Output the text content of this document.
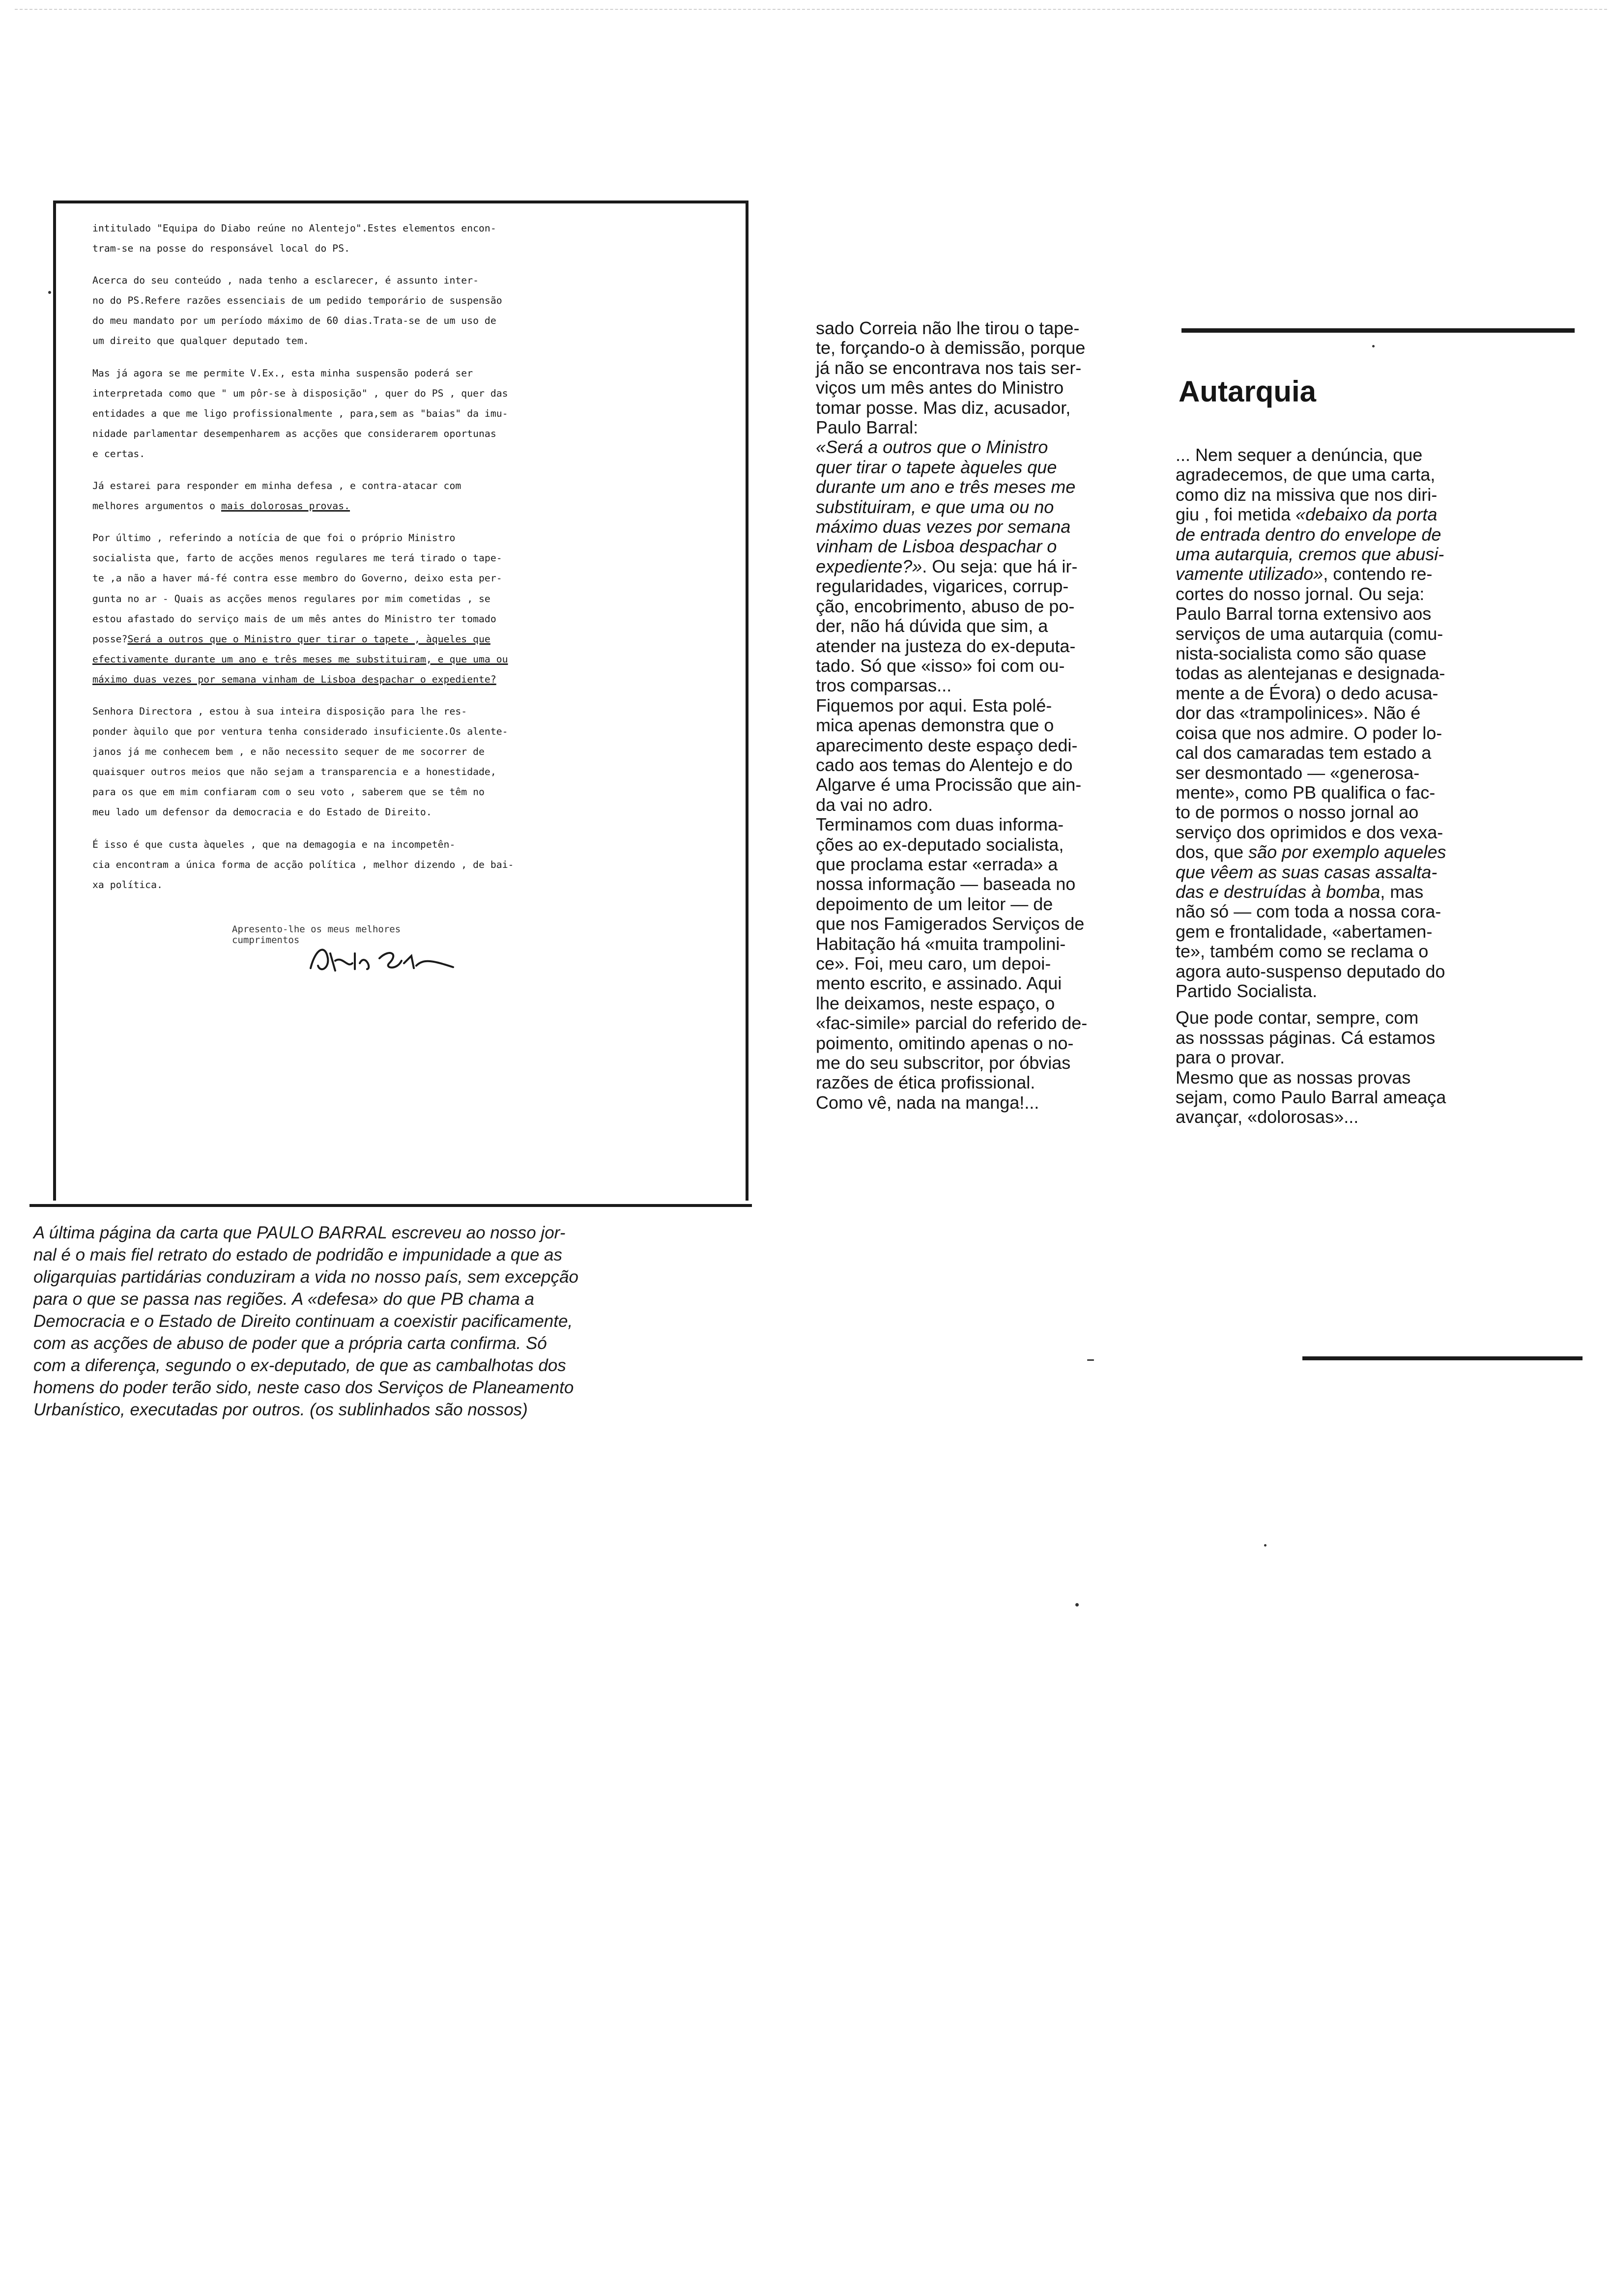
intitulado "Equipa do Diabo reúne no Alentejo".Estes elementos encon-

tram-se na posse do responsável local do PS.

Acerca do seu conteúdo , nada tenho a esclarecer, é assunto inter-

no do PS.Refere razões essenciais de um pedido temporário de suspensão

do meu mandato por um período máximo de 60 dias.Trata-se de um uso de

um direito que qualquer deputado tem.

Mas já agora se me permite V.Ex., esta minha suspensão poderá ser

interpretada como que " um pôr-se à disposição" , quer do PS , quer das

entidades a que me ligo profissionalmente , para,sem as "baias" da imu-

nidade parlamentar desempenharem as acções que considerarem oportunas

e certas.

Já estarei para responder em minha defesa , e contra-atacar com

melhores argumentos o mais dolorosas provas.

Por último , referindo a notícia de que foi o próprio Ministro

socialista que, farto de acções menos regulares me terá tirado o tape-

te ,a não a haver má-fé contra esse membro do Governo, deixo esta per-

gunta no ar - Quais as acções menos regulares por mim cometidas , se

estou afastado do serviço mais de um mês antes do Ministro ter tomado

posse?Será a outros que o Ministro quer tirar o tapete , àqueles que

efectivamente durante um ano e três meses me substituiram, e que uma ou

máximo duas vezes por semana vinham de Lisboa despachar o expediente?

Senhora Directora , estou à sua inteira disposição para lhe res-

ponder àquilo que por ventura tenha considerado insuficiente.Os alente-

janos já me conhecem bem , e não necessito sequer de me socorrer de

quaisquer outros meios que não sejam a transparencia e a honestidade,

para os que em mim confiaram com o seu voto , saberem que se têm no

meu lado um defensor da democracia e do Estado de Direito.

É isso é que custa àqueles , que na demagogia e na incompetên-

cia encontram a única forma de acção política , melhor dizendo , de bai-

xa política.

Apresento-lhe os meus melhores cumprimentos
A última página da carta que PAULO BARRAL escreveu ao nosso jor-
nal é o mais fiel retrato do estado de podridão e impunidade a que as
oligarquias partidárias conduziram a vida no nosso país, sem excepção
para o que se passa nas regiões. A «defesa» do que PB chama a
Democracia e o Estado de Direito continuam a coexistir pacificamente,
com as acções de abuso de poder que a própria carta confirma. Só
com a diferença, segundo o ex-deputado, de que as cambalhotas dos
homens do poder terão sido, neste caso dos Serviços de Planeamento
Urbanístico, executadas por outros. (os sublinhados são nossos)
sado Correia não lhe tirou o tape-
te, forçando-o à demissão, porque
já não se encontrava nos tais ser-
viços um mês antes do Ministro
tomar posse. Mas diz, acusador,
Paulo Barral:
«Será a outros que o Ministro
quer tirar o tapete àqueles que
durante um ano e três meses me
substituiram, e que uma ou no
máximo duas vezes por semana
vinham de Lisboa despachar o
expediente?». Ou seja: que há ir-
regularidades, vigarices, corrup-
ção, encobrimento, abuso de po-
der, não há dúvida que sim, a
atender na justeza do ex-deputa-
tado. Só que «isso» foi com ou-
tros comparsas...
Fiquemos por aqui. Esta polé-
mica apenas demonstra que o
aparecimento deste espaço dedi-
cado aos temas do Alentejo e do
Algarve é uma Procissão que ain-
da vai no adro.
Terminamos com duas informa-
ções ao ex-deputado socialista,
que proclama estar «errada» a
nossa informação — baseada no
depoimento de um leitor — de
que nos Famigerados Serviços de
Habitação há «muita trampolini-
ce». Foi, meu caro, um depoi-
mento escrito, e assinado. Aqui
lhe deixamos, neste espaço, o
«fac-simile» parcial do referido de-
poimento, omitindo apenas o no-
me do seu subscritor, por óbvias
razões de ética profissional.
Como vê, nada na manga!...
Autarquia
... Nem sequer a denúncia, que
agradecemos, de que uma carta,
como diz na missiva que nos diri-
giu , foi metida «debaixo da porta
de entrada dentro do envelope de
uma autarquia, cremos que abusi-
vamente utilizado», contendo re-
cortes do nosso jornal. Ou seja:
Paulo Barral torna extensivo aos
serviços de uma autarquia (comu-
nista-socialista como são quase
todas as alentejanas e designada-
mente a de Évora) o dedo acusa-
dor das «trampolinices». Não é
coisa que nos admire. O poder lo-
cal dos camaradas tem estado a
ser desmontado — «generosa-
mente», como PB qualifica o fac-
to de pormos o nosso jornal ao
serviço dos oprimidos e dos vexa-
dos, que são por exemplo aqueles
que vêem as suas casas assalta-
das e destruídas à bomba, mas
não só — com toda a nossa cora-
gem e frontalidade, «abertamen-
te», também como se reclama o
agora auto-suspenso deputado do
Partido Socialista.
Que pode contar, sempre, com
as nosssas páginas. Cá estamos
para o provar.
Mesmo que as nossas provas
sejam, como Paulo Barral ameaça
avançar, «dolorosas»...
